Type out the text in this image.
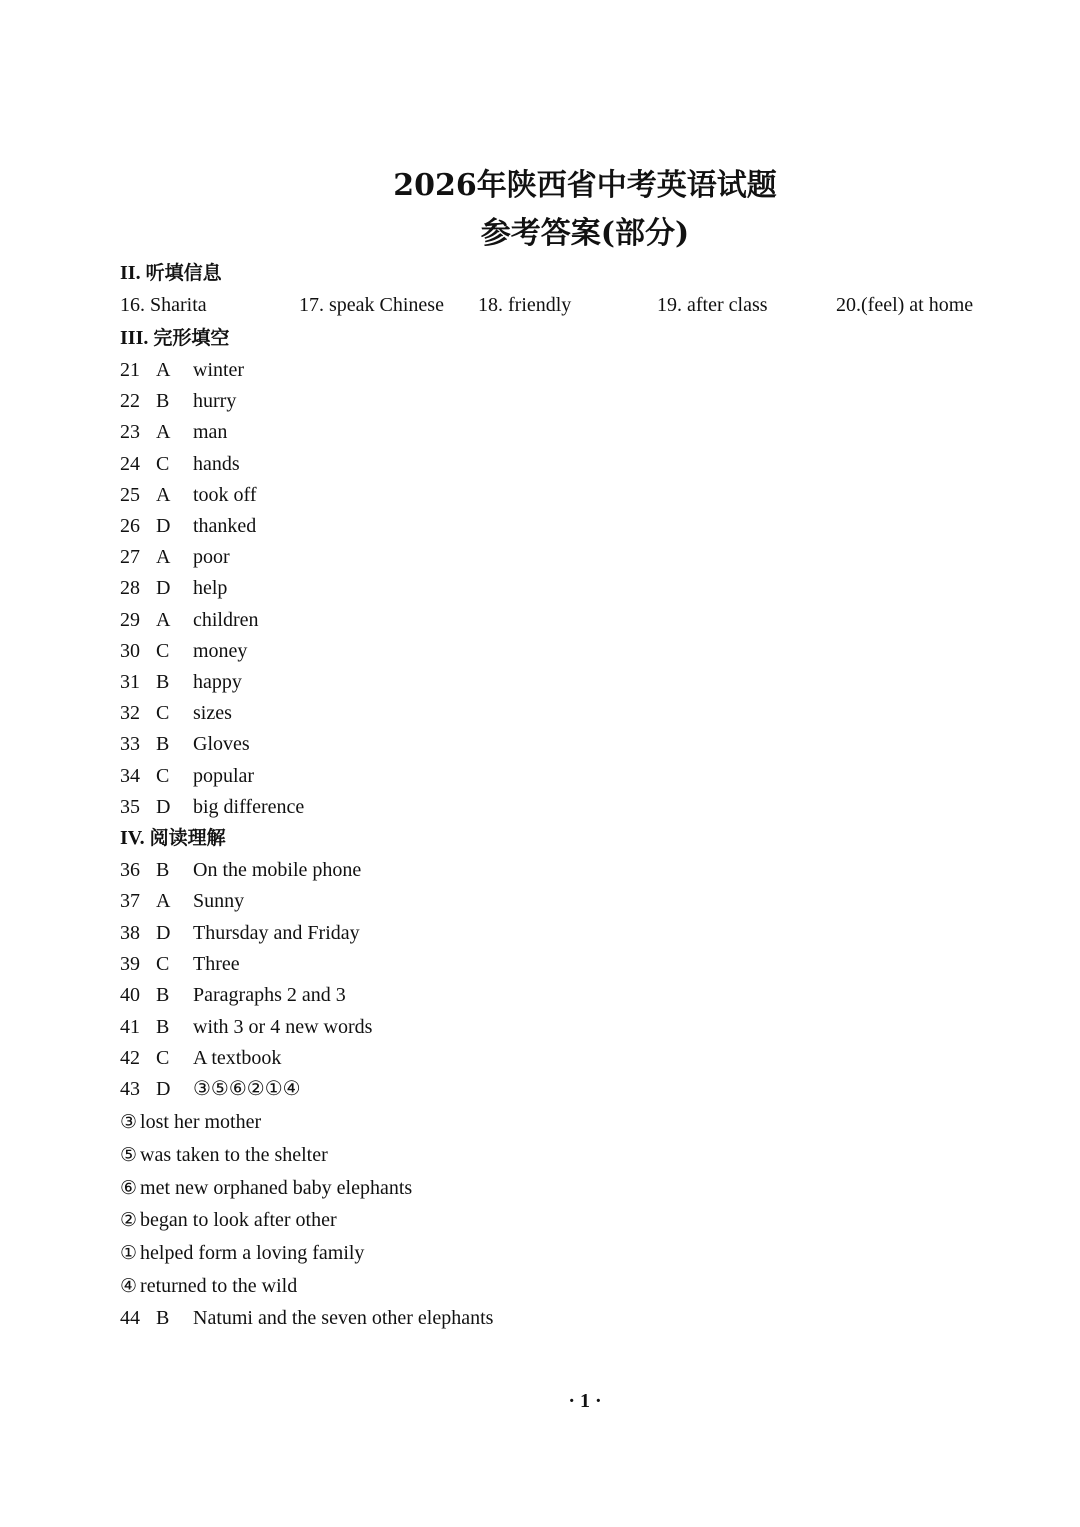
2026年陕西省中考英语试题
参考答案(部分)
II. 听填信息
16. Sharita	17. speak Chinese 18. friendly	19. after class	20.(feel) at home
III. 完形填空
21 A	winter
22 B	hurry
23 A	man
24 C	hands
25 A	took off
26 D	thanked
27 A	poor
28 D	help
29 A	children
30 C	money
31 B	happy
32 C	sizes
33 B	Gloves
34 C	popular
35 D	big difference
IV. 阅读理解
36 B	On the mobile phone
37 A	Sunny
38 D	Thursday and Friday
39 C	Three
40 B	Paragraphs 2 and 3
41 B	with 3 or 4 new words
42 C	A textbook
43 D	③⑤⑥②①④
③ lost her mother
⑤ was taken to the shelter
⑥ met new orphaned baby elephants
② began to look after other
① helped form a loving family
④ returned to the wild
44 B	Natumi and the seven other elephants
· 1 ·
